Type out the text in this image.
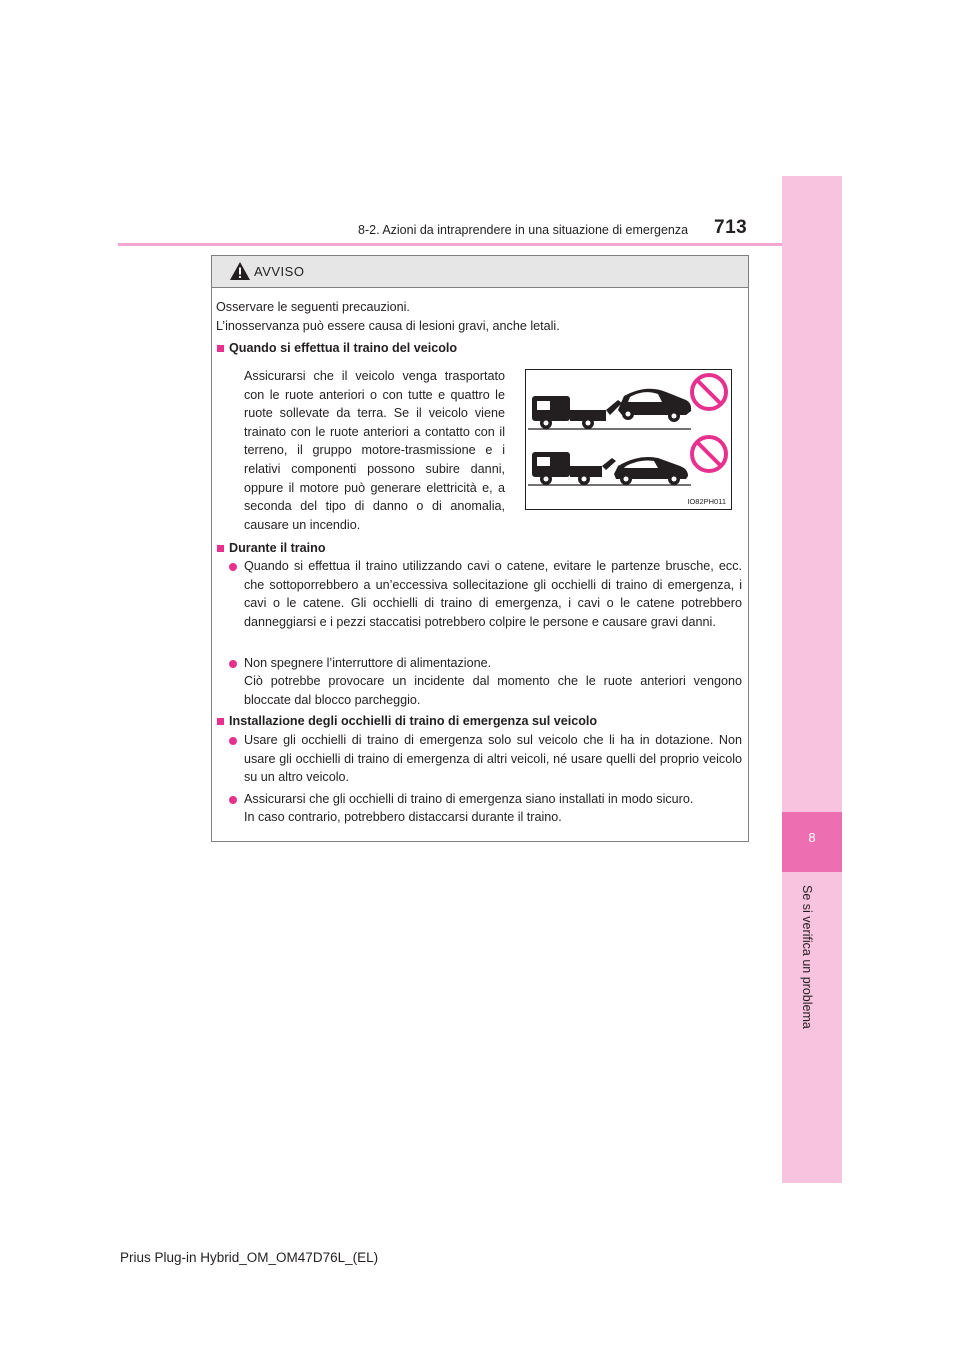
8-2. Azioni da intraprendere in una situazione di emergenza 713
8
Se si verifica un problema
AVVISO
Osservare le seguenti precauzioni.
L’inosservanza può essere causa di lesioni gravi, anche letali.
Quando si effettua il traino del veicolo
Assicurarsi che il veicolo venga trasportato con le ruote anteriori o con tutte e quattro le ruote sollevate da terra. Se il veicolo viene trainato con le ruote anteriori a contatto con il terreno, il gruppo motore-trasmissione e i relativi componenti possono subire danni, oppure il motore può generare elettricità e, a seconda del tipo di danno o di anomalia, causare un incendio.
IO82PH011
Durante il traino
Quando si effettua il traino utilizzando cavi o catene, evitare le partenze brusche, ecc. che sottoporrebbero a un’eccessiva sollecitazione gli occhielli di traino di emergenza, i cavi o le catene. Gli occhielli di traino di emergenza, i cavi o le catene potrebbero danneggiarsi e i pezzi staccatisi potrebbero colpire le persone e causare gravi danni.
Non spegnere l’interruttore di alimentazione.
Ciò potrebbe provocare un incidente dal momento che le ruote anteriori vengono bloccate dal blocco parcheggio.
Installazione degli occhielli di traino di emergenza sul veicolo
Usare gli occhielli di traino di emergenza solo sul veicolo che li ha in dotazione. Non usare gli occhielli di traino di emergenza di altri veicoli, né usare quelli del proprio veicolo su un altro veicolo.
Assicurarsi che gli occhielli di traino di emergenza siano installati in modo sicuro.
In caso contrario, potrebbero distaccarsi durante il traino.
Prius Plug-in Hybrid_OM_OM47D76L_(EL)
